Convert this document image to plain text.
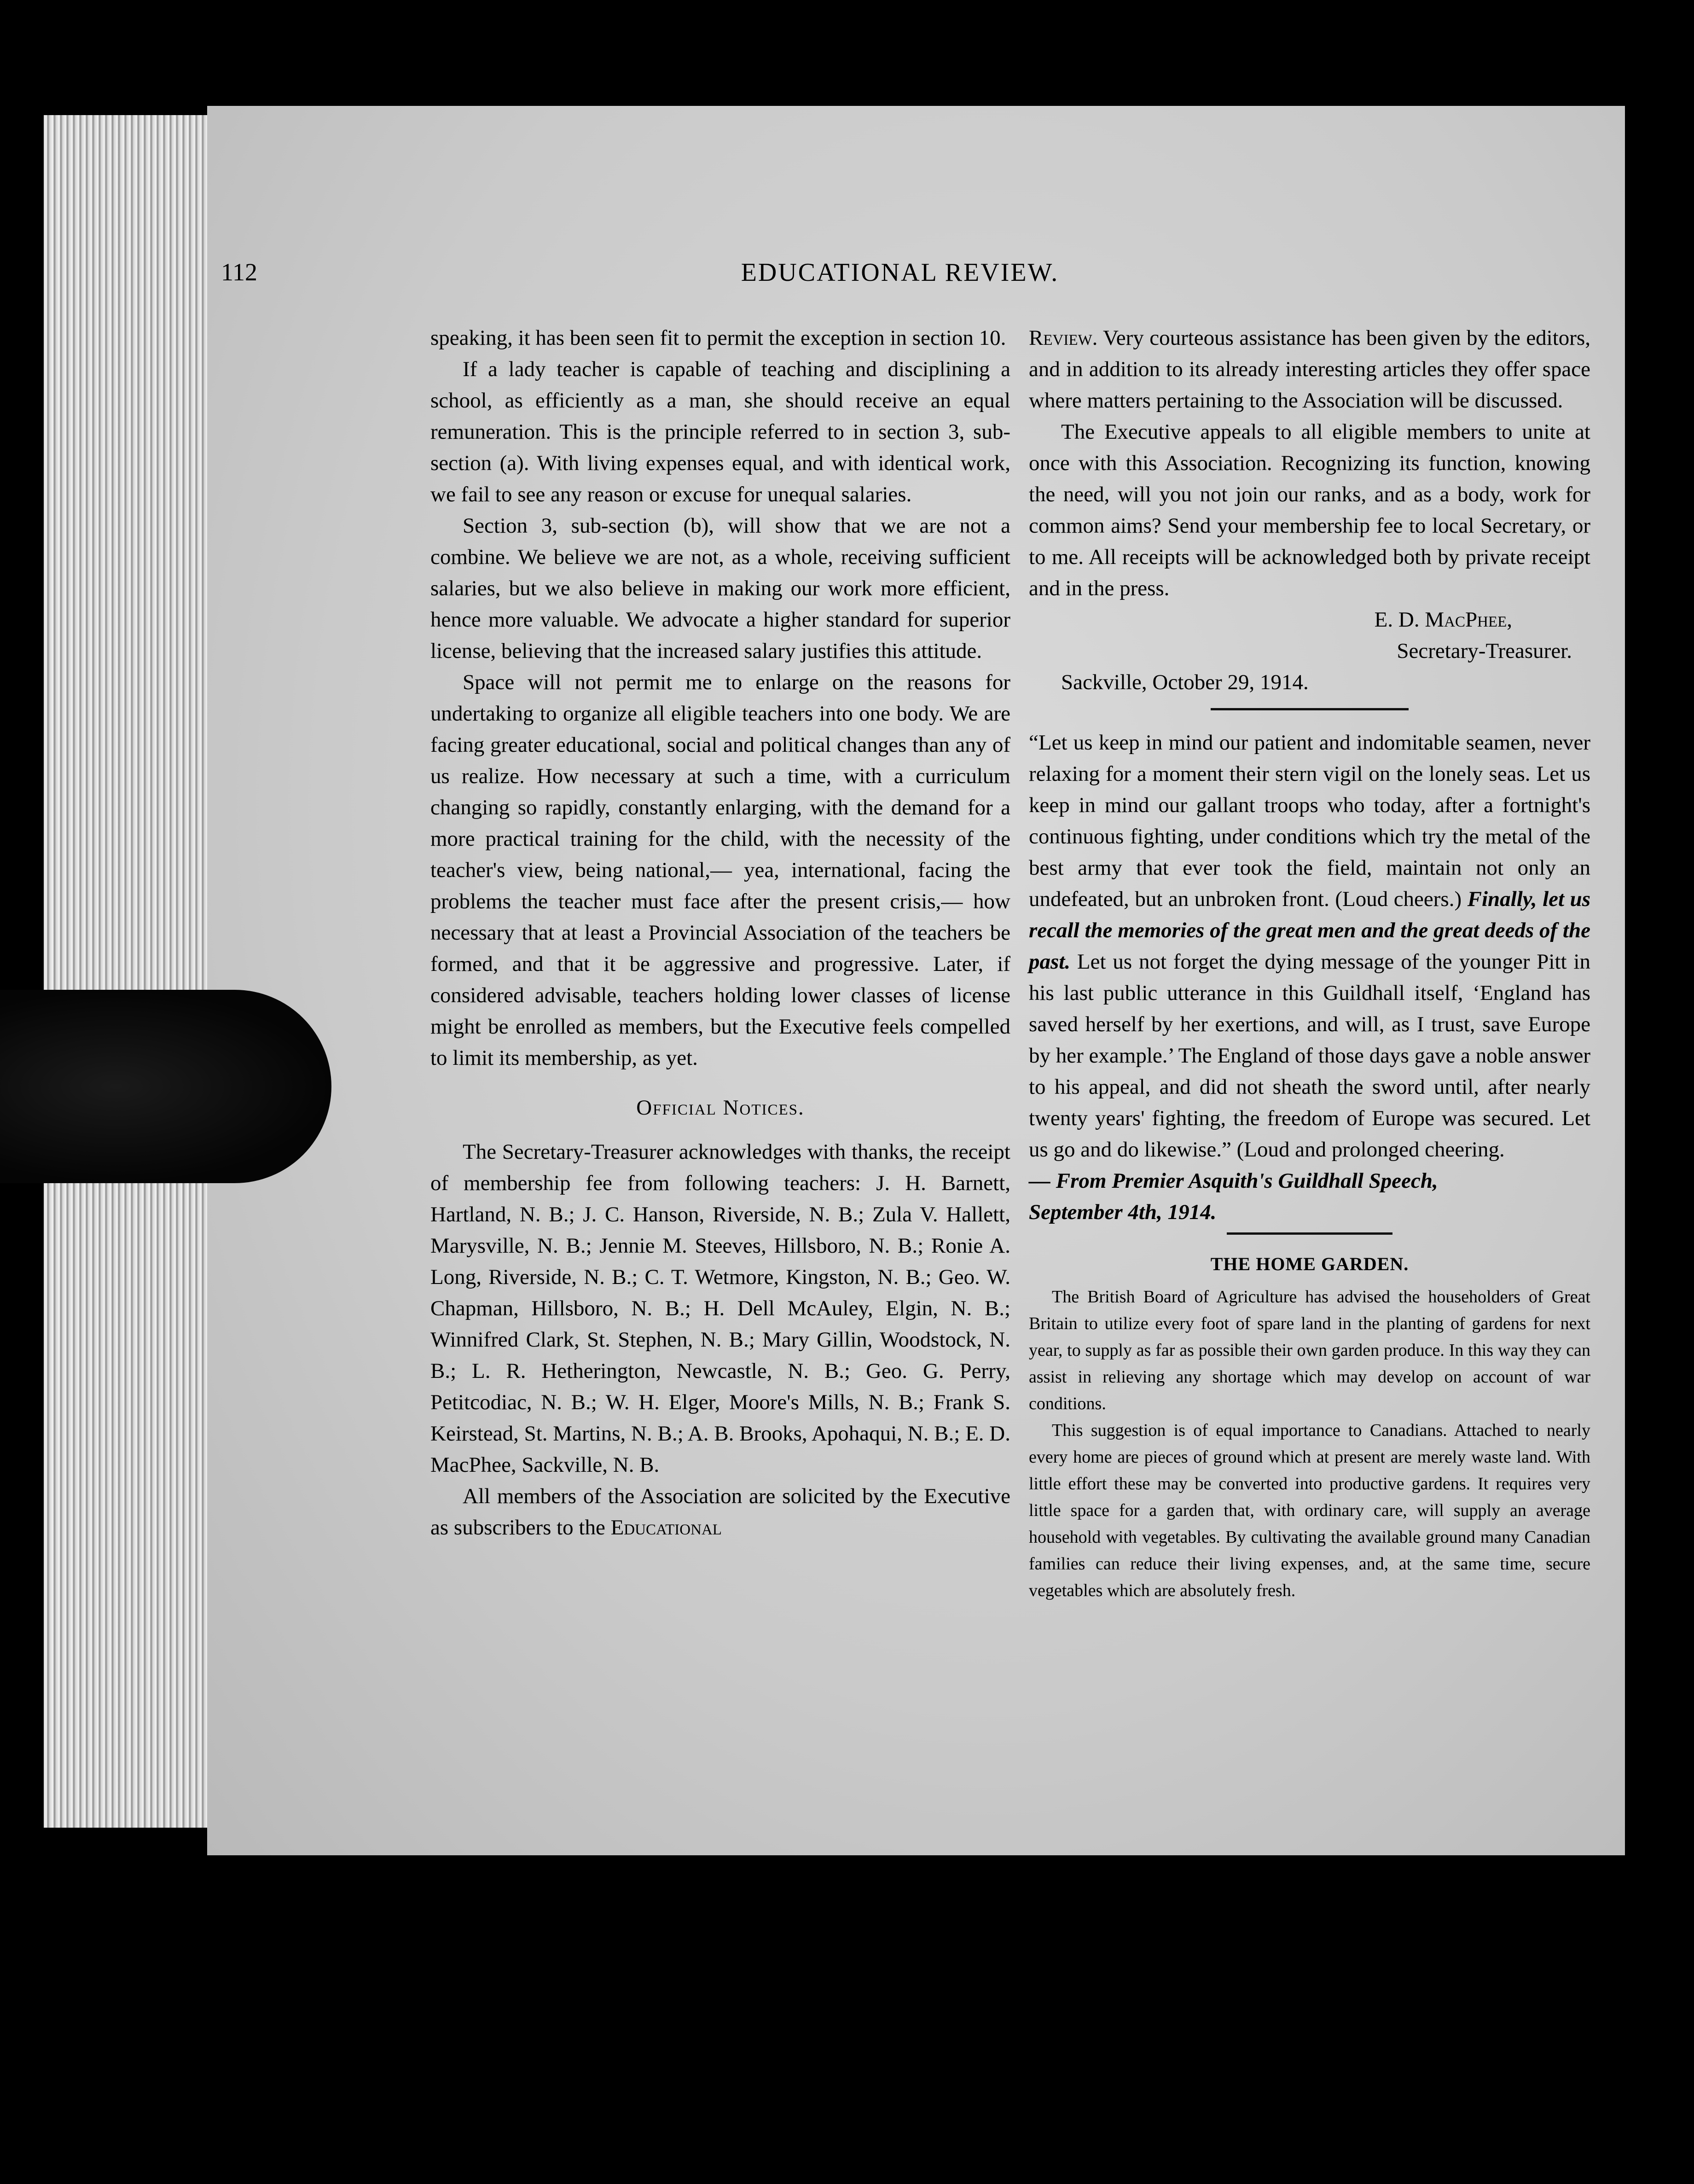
112	EDUCATIONAL REVIEW.

speaking, it has been seen fit to permit the exception in section 10.

If a lady teacher is capable of teaching and disciplining a school, as efficiently as a man, she should receive an equal remuneration. This is the principle referred to in section 3, sub-section (a). With living expenses equal, and with identical work, we fail to see any reason or excuse for unequal salaries.

Section 3, sub-section (b), will show that we are not a combine. We believe we are not, as a whole, receiving sufficient salaries, but we also believe in making our work more efficient, hence more valuable. We advocate a higher standard for superior license, believing that the increased salary justifies this attitude.

Space will not permit me to enlarge on the reasons for undertaking to organize all eligible teachers into one body. We are facing greater educational, social and political changes than any of us realize. How necessary at such a time, with a curriculum changing so rapidly, constantly enlarging, with the demand for a more practical training for the child, with the necessity of the teacher's view, being national,— yea, international, facing the problems the teacher must face after the present crisis,— how necessary that at least a Provincial Association of the teachers be formed, and that it be aggressive and progressive. Later, if considered advisable, teachers holding lower classes of license might be enrolled as members, but the Executive feels compelled to limit its membership, as yet.

Official Notices.

The Secretary-Treasurer acknowledges with thanks, the receipt of membership fee from following teachers: J. H. Barnett, Hartland, N. B.; J. C. Hanson, Riverside, N. B.; Zula V. Hallett, Marysville, N. B.; Jennie M. Steeves, Hillsboro, N. B.; Ronie A. Long, Riverside, N. B.; C. T. Wetmore, Kingston, N. B.; Geo. W. Chapman, Hillsboro, N. B.; H. Dell McAuley, Elgin, N. B.; Winnifred Clark, St. Stephen, N. B.; Mary Gillin, Woodstock, N. B.; L. R. Hetherington, Newcastle, N. B.; Geo. G. Perry, Petitcodiac, N. B.; W. H. Elger, Moore's Mills, N. B.; Frank S. Keirstead, St. Martins, N. B.; A. B. Brooks, Apohaqui, N. B.; E. D. MacPhee, Sackville, N. B.

All members of the Association are solicited by the Executive as subscribers to the Educational

Review. Very courteous assistance has been given by the editors, and in addition to its already interesting articles they offer space where matters pertaining to the Association will be discussed.

The Executive appeals to all eligible members to unite at once with this Association. Recognizing its function, knowing the need, will you not join our ranks, and as a body, work for common aims? Send your membership fee to local Secretary, or to me. All receipts will be acknowledged both by private receipt and in the press.

E. D. MacPhee,

Secretary-Treasurer.

Sackville, October 29, 1914.

“Let us keep in mind our patient and indomitable seamen, never relaxing for a moment their stern vigil on the lonely seas. Let us keep in mind our gallant troops who today, after a fortnight's continuous fighting, under conditions which try the metal of the best army that ever took the field, maintain not only an undefeated, but an unbroken front. (Loud cheers.) Finally, let us recall the memories of the great men and the great deeds of the past. Let us not forget the dying message of the younger Pitt in his last public utterance in this Guildhall itself, ‘England has saved herself by her exertions, and will, as I trust, save Europe by her example.’ The England of those days gave a noble answer to his appeal, and did not sheath the sword until, after nearly twenty years' fighting, the freedom of Europe was secured. Let us go and do likewise.” (Loud and prolonged cheering.

— From Premier Asquith's Guildhall Speech,

September 4th, 1914.

THE HOME GARDEN.

The British Board of Agriculture has advised the householders of Great Britain to utilize every foot of spare land in the planting of gardens for next year, to supply as far as possible their own garden produce. In this way they can assist in relieving any shortage which may develop on account of war conditions.

This suggestion is of equal importance to Canadians. Attached to nearly every home are pieces of ground which at present are merely waste land. With little effort these may be converted into productive gardens. It requires very little space for a garden that, with ordinary care, will supply an average household with vegetables. By cultivating the available ground many Canadian families can reduce their living expenses, and, at the same time, secure vegetables which are absolutely fresh.
